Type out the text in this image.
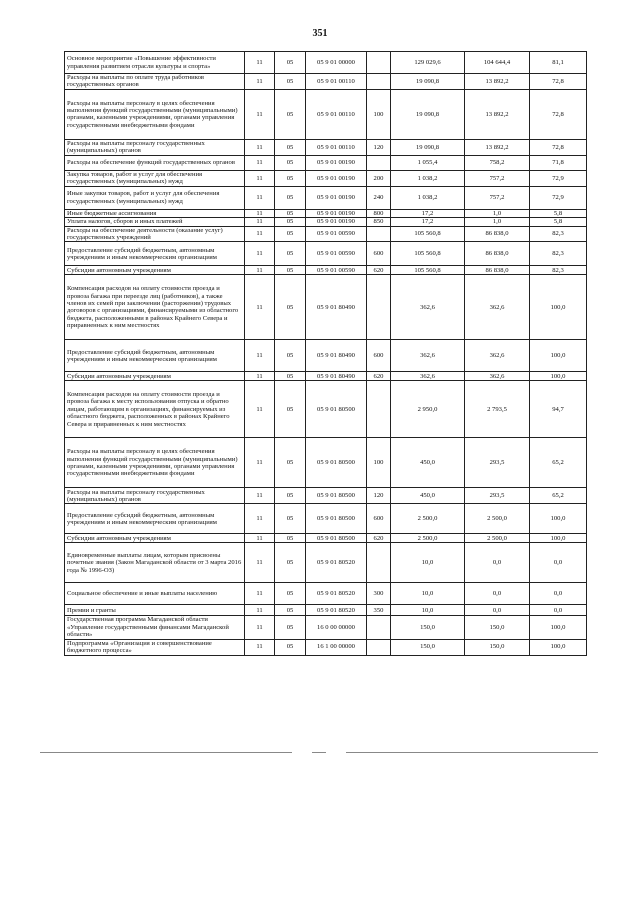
351
Основное мероприятие «Повышение эффективности управления развитием отрасли культуры и спорта»	11	05	05 9 01 00000		129 029,6	104 644,4	81,1
Расходы на выплаты по оплате труда работников государственных органов	11	05	05 9 01 00110		19 090,8	13 892,2	72,8
Расходы на выплаты персоналу в целях обеспечения выполнения функций государственными (муниципальными) органами, казенными учреждениями, органами управления государственными внебюджетными фондами	11	05	05 9 01 00110	100	19 090,8	13 892,2	72,8
Расходы на выплаты персоналу государственных (муниципальных) органов	11	05	05 9 01 00110	120	19 090,8	13 892,2	72,8
Расходы на обеспечение функций государственных органов	11	05	05 9 01 00190		1 055,4	758,2	71,8
Закупка товаров, работ и услуг для обеспечения государственных (муниципальных) нужд	11	05	05 9 01 00190	200	1 038,2	757,2	72,9
Иные закупки товаров, работ и услуг для обеспечения государственных (муниципальных) нужд	11	05	05 9 01 00190	240	1 038,2	757,2	72,9
Иные бюджетные ассигнования	11	05	05 9 01 00190	800	17,2	1,0	5,8
Уплата налогов, сборов и иных платежей	11	05	05 9 01 00190	850	17,2	1,0	5,8
Расходы на обеспечение деятельности (оказание услуг) государственных учреждений	11	05	05 9 01 00590		105 560,8	86 838,0	82,3
Предоставление субсидий бюджетным, автономным учреждениям и иным некоммерческим организациям	11	05	05 9 01 00590	600	105 560,8	86 838,0	82,3
Субсидии автономным учреждениям	11	05	05 9 01 00590	620	105 560,8	86 838,0	82,3
Компенсация расходов на оплату стоимости проезда и провоза багажа при переезде лиц (работников), а также членов их семей при заключении (расторжении) трудовых договоров с организациями, финансируемыми из областного бюджета, расположенными в районах Крайнего Севера и приравненных к ним местностях	11	05	05 9 01 80490		362,6	362,6	100,0
Предоставление субсидий бюджетным, автономным учреждениям и иным некоммерческим организациям	11	05	05 9 01 80490	600	362,6	362,6	100,0
Субсидии автономным учреждениям	11	05	05 9 01 80490	620	362,6	362,6	100,0
Компенсация расходов на оплату стоимости проезда и провоза багажа к месту использования отпуска и обратно лицам, работающим в организациях, финансируемых из областного бюджета, расположенных в районах Крайнего Севера и приравненных к ним местностях	11	05	05 9 01 80500		2 950,0	2 793,5	94,7
Расходы на выплаты персоналу в целях обеспечения выполнения функций государственными (муниципальными) органами, казенными учреждениями, органами управления государственными внебюджетными фондами	11	05	05 9 01 80500	100	450,0	293,5	65,2
Расходы на выплаты персоналу государственных (муниципальных) органов	11	05	05 9 01 80500	120	450,0	293,5	65,2
Предоставление субсидий бюджетным, автономным учреждениям и иным некоммерческим организациям	11	05	05 9 01 80500	600	2 500,0	2 500,0	100,0
Субсидии автономным учреждениям	11	05	05 9 01 80500	620	2 500,0	2 500,0	100,0
Единовременные выплаты лицам, которым присвоены почетные звания (Закон Магаданской области от 3 марта 2016 года № 1996-ОЗ)	11	05	05 9 01 80520		10,0	0,0	0,0
Социальное обеспечение и иные выплаты населению	11	05	05 9 01 80520	300	10,0	0,0	0,0
Премии и гранты	11	05	05 9 01 80520	350	10,0	0,0	0,0
Государственная программа Магаданской области «Управление государственными финансами Магаданской области»	11	05	16 0 00 00000		150,0	150,0	100,0
Подпрограмма «Организация и совершенствование бюджетного процесса»	11	05	16 1 00 00000		150,0	150,0	100,0
